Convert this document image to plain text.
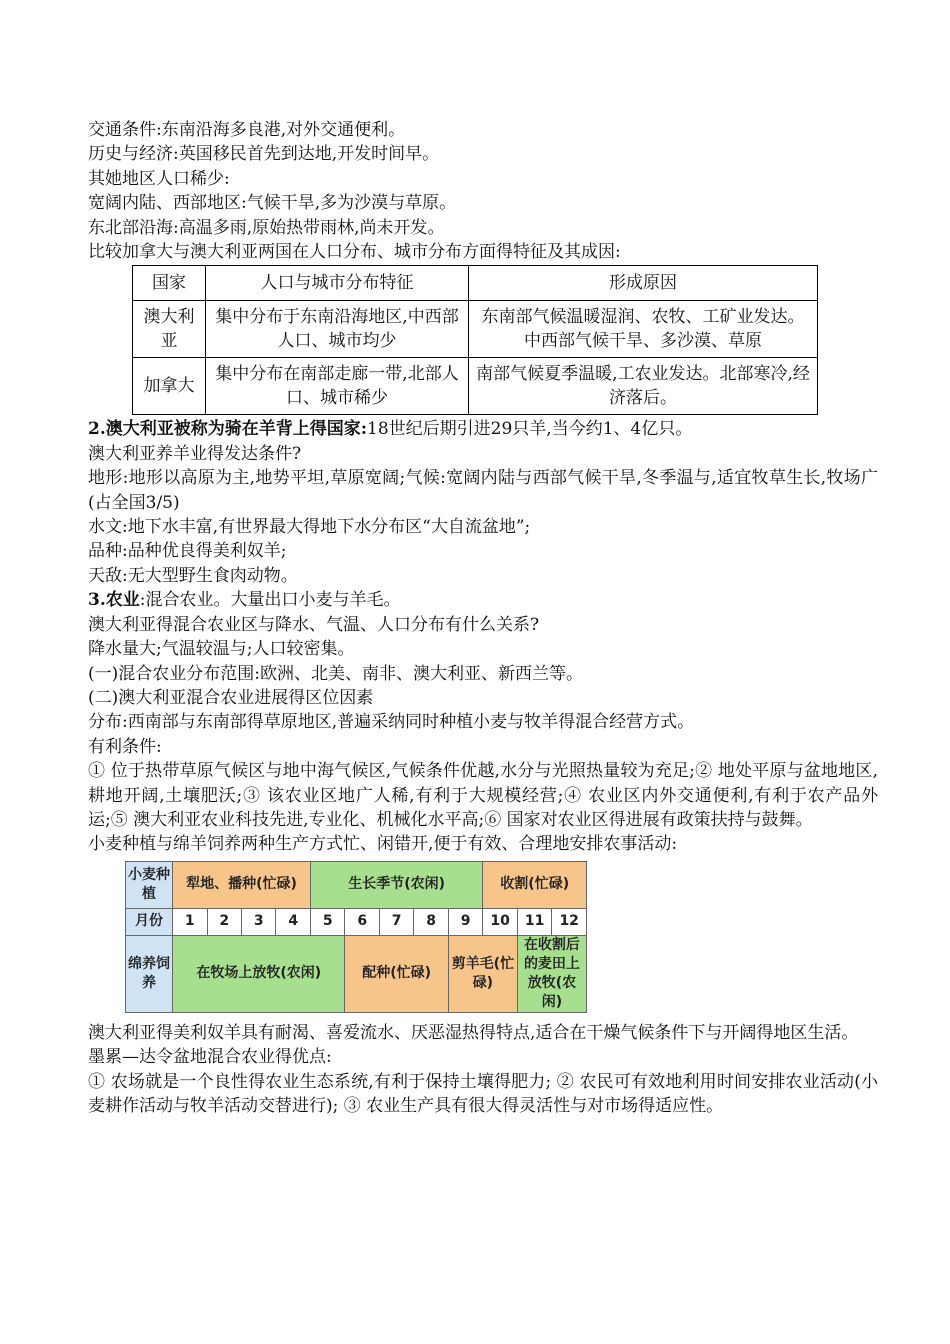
交通条件:东南沿海多良港,对外交通便利。
历史与经济:英国移民首先到达地,开发时间早。
其她地区人口稀少:
宽阔内陆、西部地区:气候干旱,多为沙漠与草原。
东北部沿海:高温多雨,原始热带雨林,尚未开发。
比较加拿大与澳大利亚两国在人口分布、城市分布方面得特征及其成因:
国家	人口与城市分布特征	形成原因
澳大利亚	集中分布于东南沿海地区,中西部人口、城市均少	东南部气候温暖湿润、农牧、工矿业发达。中西部气候干旱、多沙漠、草原
加拿大	集中分布在南部走廊一带,北部人口、城市稀少	南部气候夏季温暖,工农业发达。北部寒冷,经济落后。
2.澳大利亚被称为骑在羊背上得国家:18世纪后期引进29只羊,当今约1、4亿只。
澳大利亚养羊业得发达条件?
地形:地形以高原为主,地势平坦,草原宽阔;气候:宽阔内陆与西部气候干旱,冬季温与,适宜牧草生长,牧场广(占全国3/5)
水文:地下水丰富,有世界最大得地下水分布区“大自流盆地”;
品种:品种优良得美利奴羊;
天敌:无大型野生食肉动物。
3.农业:混合农业。大量出口小麦与羊毛。
澳大利亚得混合农业区与降水、气温、人口分布有什么关系?
降水量大;气温较温与;人口较密集。
(一)混合农业分布范围:欧洲、北美、南非、澳大利亚、新西兰等。
(二)澳大利亚混合农业进展得区位因素
分布:西南部与东南部得草原地区,普遍采纳同时种植小麦与牧羊得混合经营方式。
有利条件:
① 位于热带草原气候区与地中海气候区,气候条件优越,水分与光照热量较为充足;② 地处平原与盆地地区,耕地开阔,土壤肥沃;③ 该农业区地广人稀,有利于大规模经营;④ 农业区内外交通便利,有利于农产品外运;⑤ 澳大利亚农业科技先进,专业化、机械化水平高;⑥ 国家对农业区得进展有政策扶持与鼓舞。
小麦种植与绵羊饲养两种生产方式忙、闲错开,便于有效、合理地安排农事活动:
小麦种植	犁地、播种(忙碌)				生长季节(农闲)					收割(忙碌)		
月份	1	2	3	4	5	6	7	8	9	10	11	12
绵养饲养	在牧场上放牧(农闲)					配种(忙碌)			剪羊毛(忙碌)		在收割后的麦田上放牧(农闲)	
澳大利亚得美利奴羊具有耐渴、喜爱流水、厌恶湿热得特点,适合在干燥气候条件下与开阔得地区生活。
墨累—达令盆地混合农业得优点:
① 农场就是一个良性得农业生态系统,有利于保持土壤得肥力; ② 农民可有效地利用时间安排农业活动(小麦耕作活动与牧羊活动交替进行); ③ 农业生产具有很大得灵活性与对市场得适应性。
